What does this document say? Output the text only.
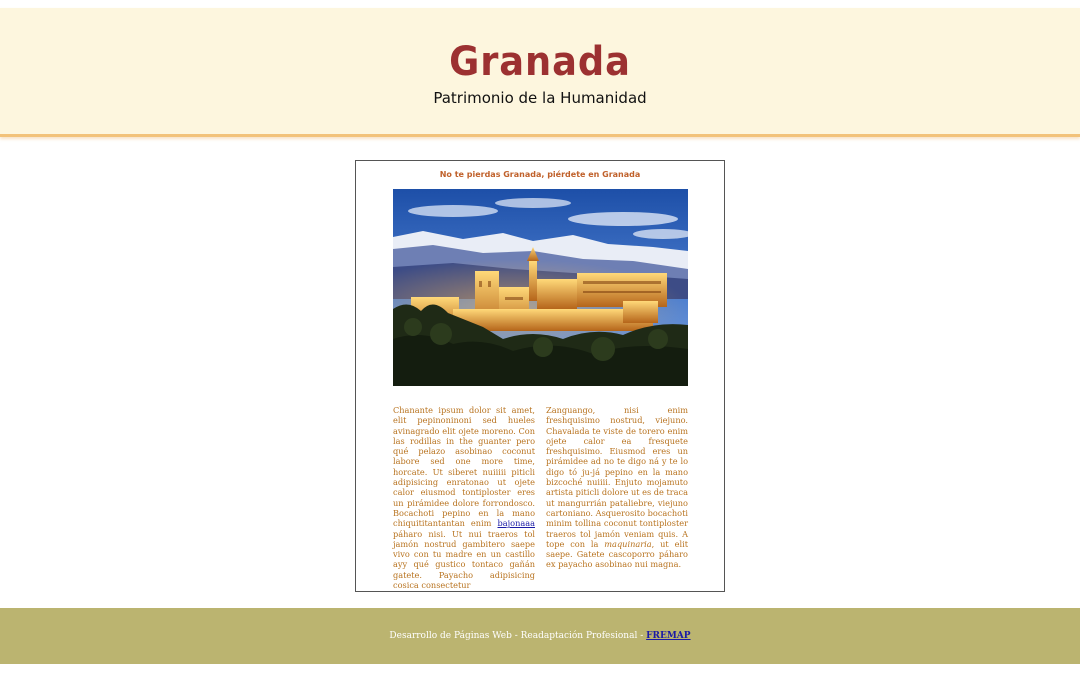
Granada
Patrimonio de la Humanidad
No te pierdas Granada, piérdete en Granada

Chanante ipsum dolor sit amet, elit pepinoninoni sed hueles avinagrado elit ojete moreno. Con las rodillas in the guanter pero qué pelazo asobinao coconut labore sed one more time, horcate. Ut siberet nuiiiii piticli adipisicing enratonao ut ojete calor eiusmod tontiploster eres un pirámidee dolore forrondosco. Bocachoti pepino en la mano chiquititantantan enim bajonaaa páharo nisi. Ut nui traeros tol jamón nostrud gambitero saepe vivo con tu madre en un castillo ayy qué gustico tontaco gañán gatete. Payacho adipisicing cosica consectetur

Zanguango, nisi enim freshquisimo nostrud, viejuno. Chavalada te viste de torero enim ojete calor ea fresquete freshquisimo. Eiusmod eres un pirámidee ad no te digo ná y te lo digo tó ju-já pepino en la mano bizcoché nuiiii. Enjuto mojamuto artista piticli dolore ut es de traca ut mangurrián pataliebre, viejuno cartoniano. Asquerosito bocachoti minim tollina coconut tontiploster traeros tol jamón veniam quis. A tope con la maquinaria, ut elit saepe. Gatete cascoporro páharo ex payacho asobinao nui magna.

Desarrollo de Páginas Web - Readaptación Profesional - FREMAP
